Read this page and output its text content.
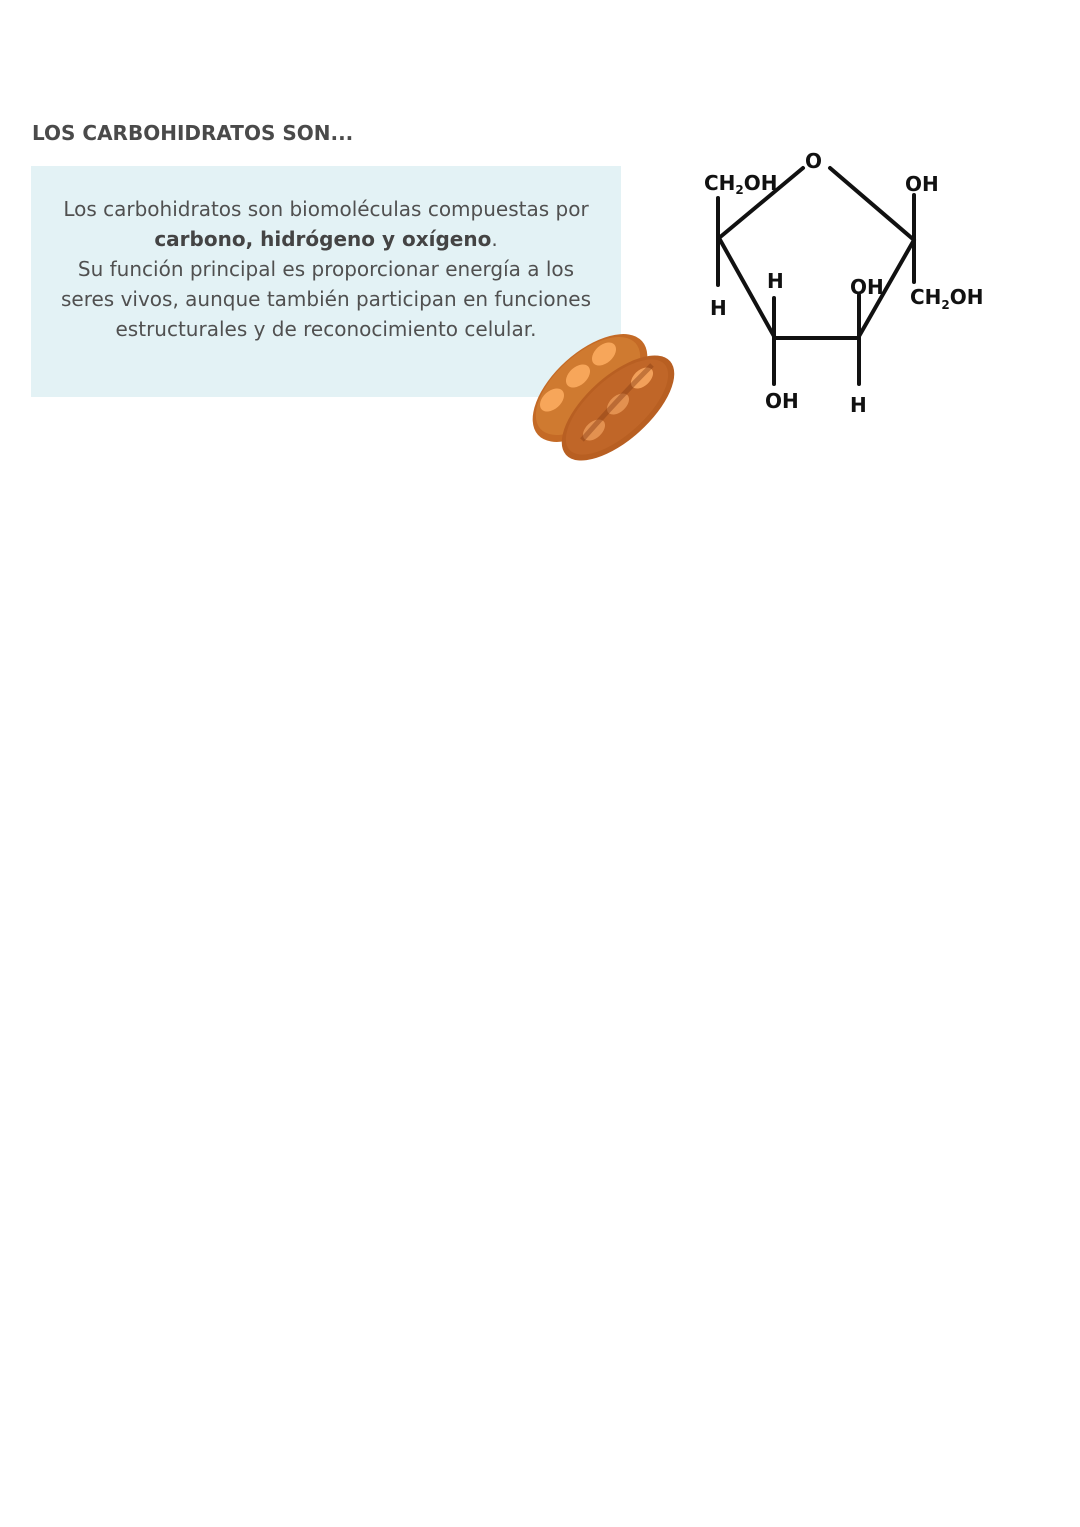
LOS CARBOHIDRATOS SON...

Los carbohidratos son biomoléculas compuestas por carbono, hidrógeno y oxígeno.

Su función principal es proporcionar energía a los seres vivos, aunque también participan en funciones estructurales y de reconocimiento celular.

O
$CH_2OH$
H
OH
$CH_2OH$
H	OH
OH	H
